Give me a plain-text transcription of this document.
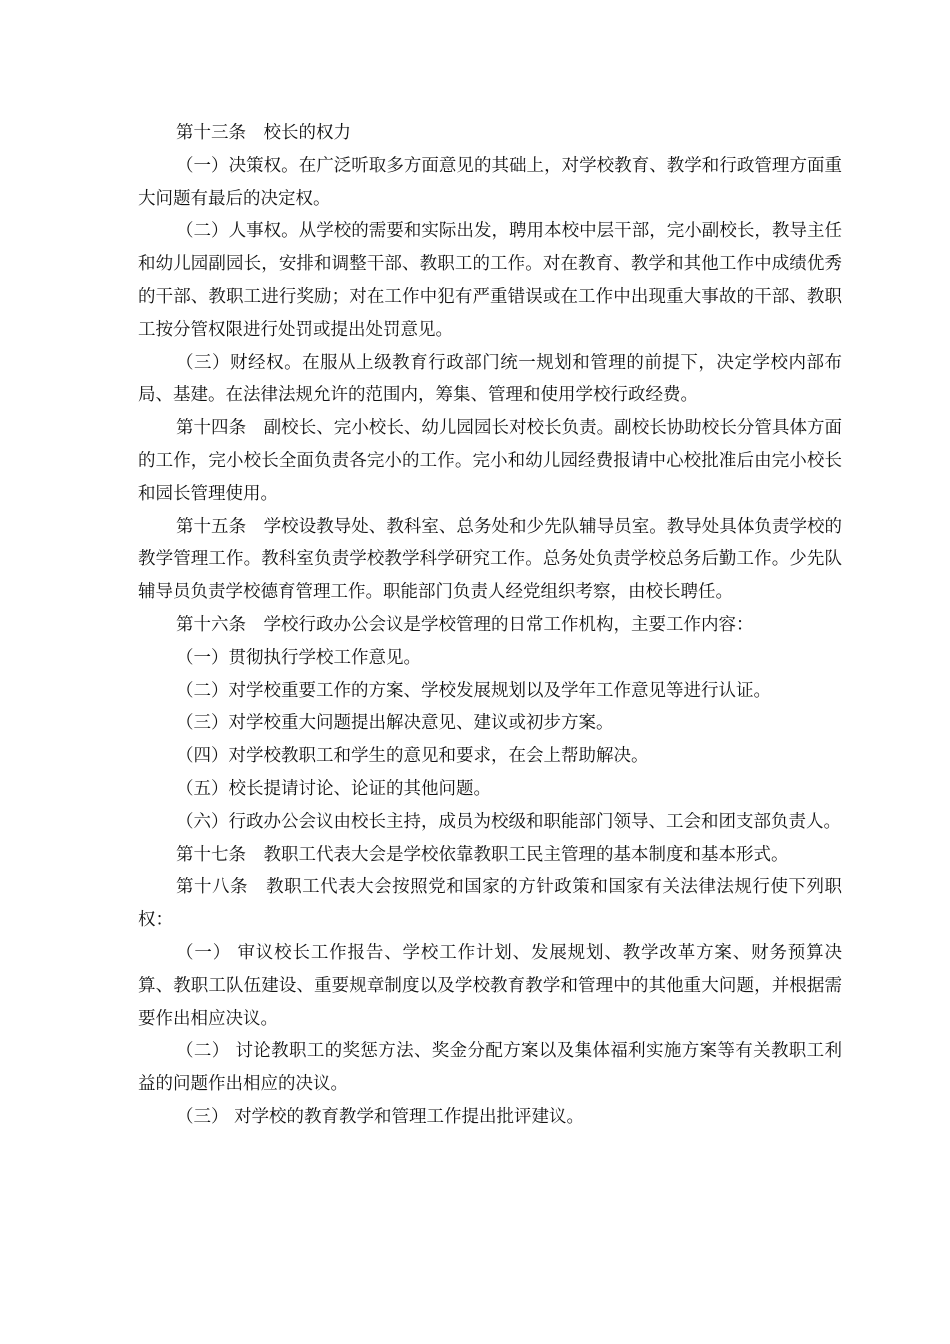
第十三条　校长的权力

（一）决策权。在广泛听取多方面意见的其础上，对学校教育、教学和行政管理方面重大问题有最后的决定权。

（二）人事权。从学校的需要和实际出发，聘用本校中层干部，完小副校长，教导主任和幼儿园副园长，安排和调整干部、教职工的工作。对在教育、教学和其他工作中成绩优秀的干部、教职工进行奖励；对在工作中犯有严重错误或在工作中出现重大事故的干部、教职工按分管权限进行处罚或提出处罚意见。

（三）财经权。在服从上级教育行政部门统一规划和管理的前提下，决定学校内部布局、基建。在法律法规允许的范围内，筹集、管理和使用学校行政经费。

第十四条　副校长、完小校长、幼儿园园长对校长负责。副校长协助校长分管具体方面的工作，完小校长全面负责各完小的工作。完小和幼儿园经费报请中心校批准后由完小校长和园长管理使用。

第十五条　学校设教导处、教科室、总务处和少先队辅导员室。教导处具体负责学校的教学管理工作。教科室负责学校教学科学研究工作。总务处负责学校总务后勤工作。少先队辅导员负责学校德育管理工作。职能部门负责人经党组织考察，由校长聘任。

第十六条　学校行政办公会议是学校管理的日常工作机构，主要工作内容：

（一）贯彻执行学校工作意见。

（二）对学校重要工作的方案、学校发展规划以及学年工作意见等进行认证。

（三）对学校重大问题提出解决意见、建议或初步方案。

（四）对学校教职工和学生的意见和要求，在会上帮助解决。

（五）校长提请讨论、论证的其他问题。

（六）行政办公会议由校长主持，成员为校级和职能部门领导、工会和团支部负责人。

第十七条　教职工代表大会是学校依靠教职工民主管理的基本制度和基本形式。

第十八条　教职工代表大会按照党和国家的方针政策和国家有关法律法规行使下列职权：

（一） 审议校长工作报告、学校工作计划、发展规划、教学改革方案、财务预算决算、教职工队伍建设、重要规章制度以及学校教育教学和管理中的其他重大问题，并根据需要作出相应决议。

（二） 讨论教职工的奖惩方法、奖金分配方案以及集体福利实施方案等有关教职工利益的问题作出相应的决议。

（三） 对学校的教育教学和管理工作提出批评建议。
